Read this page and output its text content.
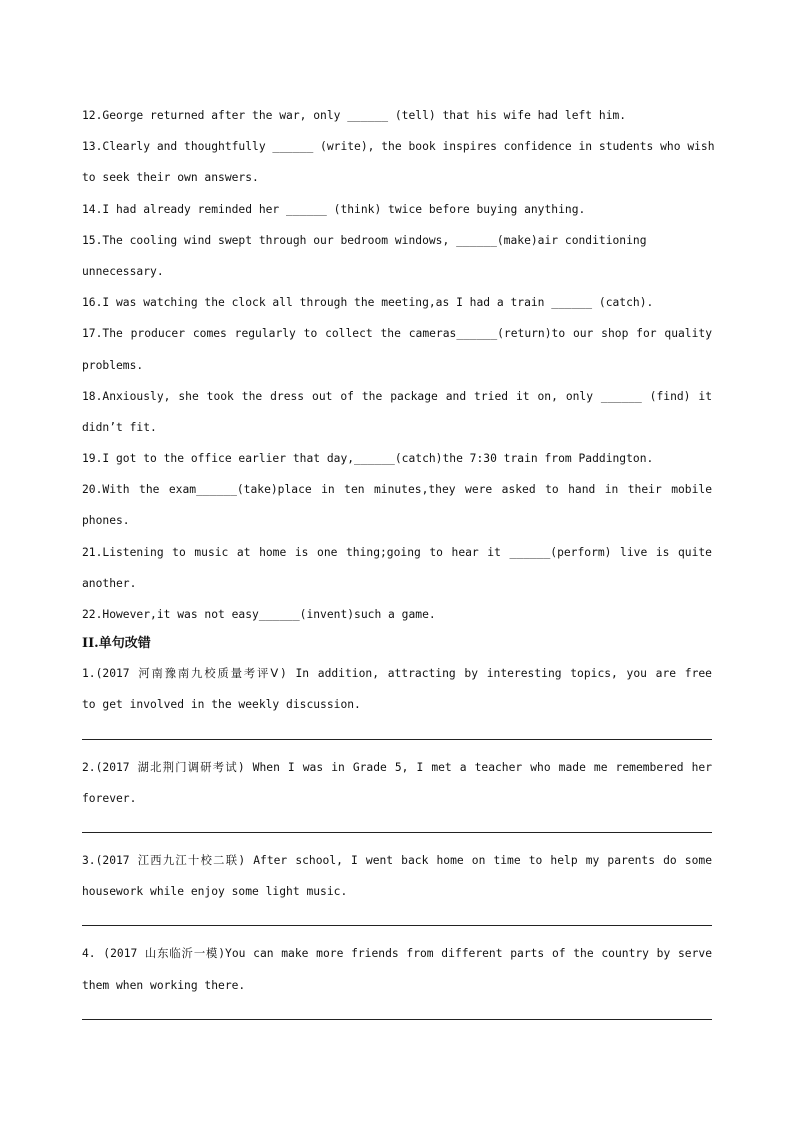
12.George returned after the war, only ______ (tell) that his wife had left him.
13.Clearly and thoughtfully ______ (write), the book inspires confidence in students who wish
to seek their own answers.
14.I had already reminded her ______ (think) twice before buying anything.
15.The cooling wind swept through our bedroom windows, ______(make)air conditioning
unnecessary.
16.I was watching the clock all through the meeting,as I had a train ______ (catch).
17.The producer comes regularly to collect the cameras______(return)to our shop for quality
problems.
18.Anxiously, she took the dress out of the package and tried it on, only ______ (find) it
didn’t fit.
19.I got to the office earlier that day,______(catch)the 7:30 train from Paddington.
20.With the exam______(take)place in ten minutes,they were asked to hand in their mobile
phones.
21.Listening to music at home is one thing;going to hear it ______(perform) live is quite
another.
22.However,it was not easy______(invent)such a game.
II.单句改错
1.(2017 河南豫南九校质量考评Ⅴ) In addition, attracting by interesting topics, you are free
to get involved in the weekly discussion.
2.(2017 湖北荆门调研考试) When I was in Grade 5, I met a teacher who made me remembered her
forever.
3.(2017 江西九江十校二联) After school, I went back home on time to help my parents do some
housework while enjoy some light music.
4. (2017 山东临沂一模)You can make more friends from different parts of the country by serve
them when working there.
